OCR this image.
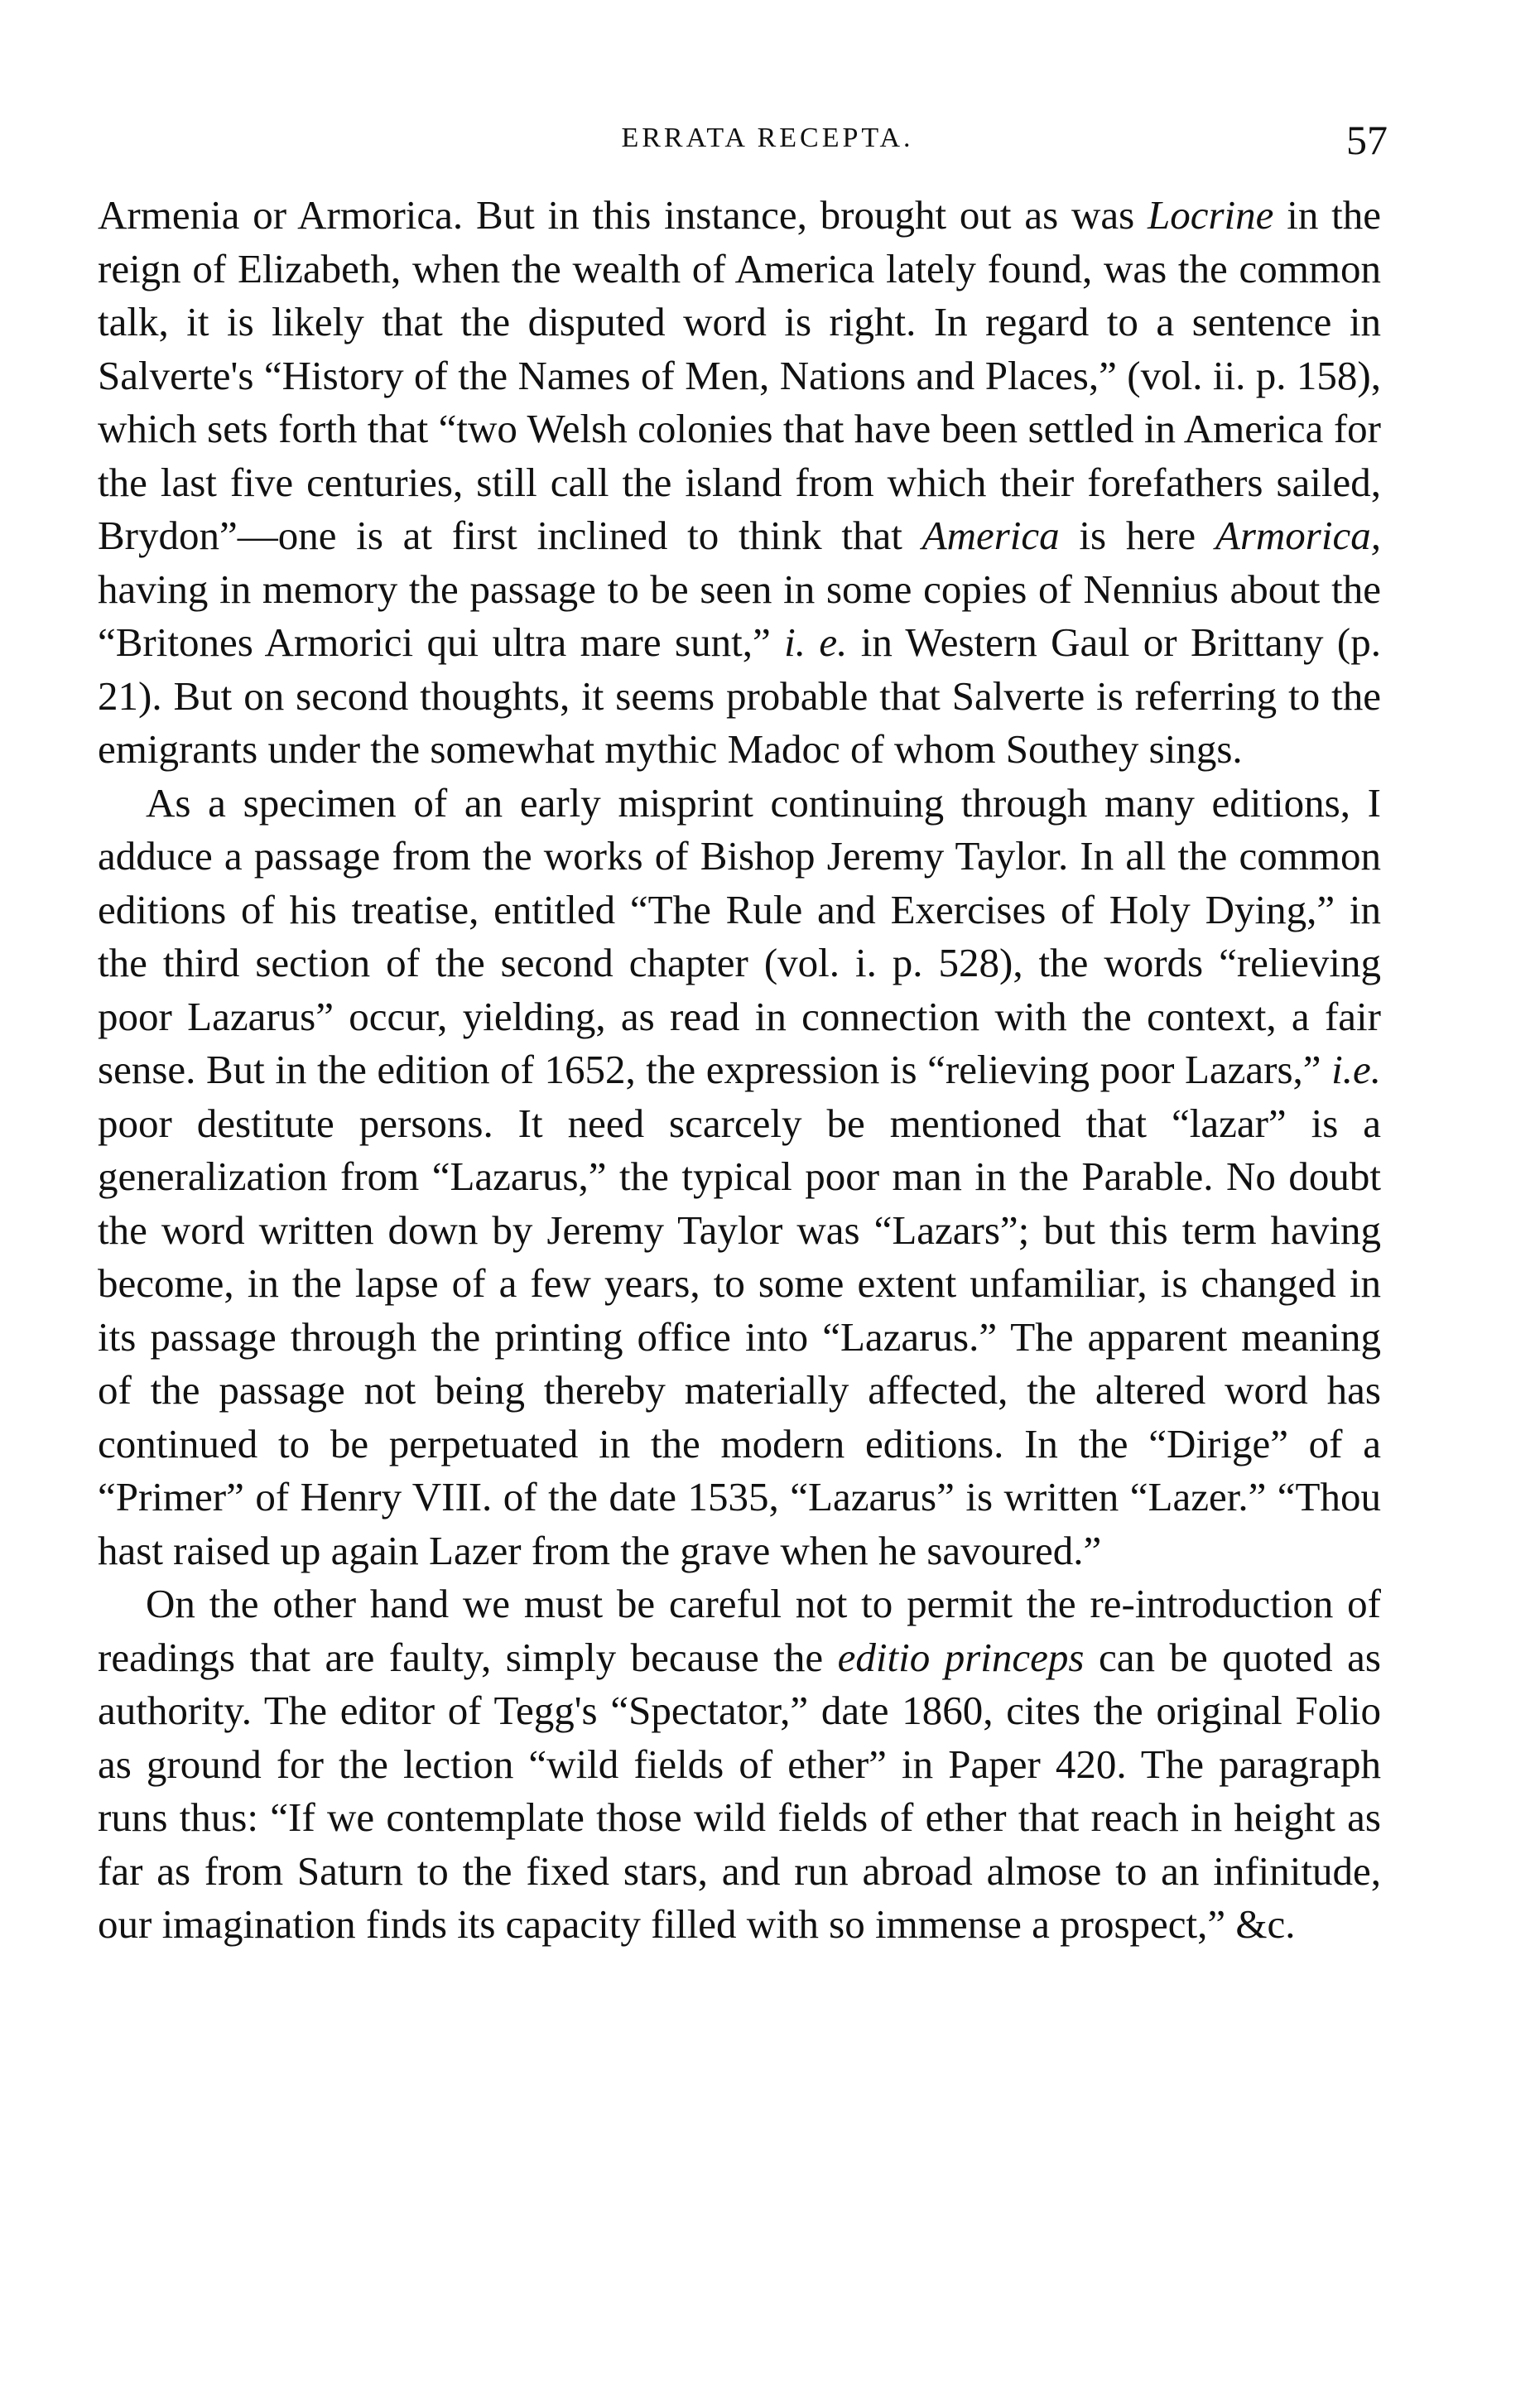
ERRATA RECEPTA.	57

Armenia or Armorica. But in this instance, brought out as was Locrine in the reign of Elizabeth, when the wealth of America lately found, was the common talk, it is likely that the disputed word is right. In regard to a sentence in Salverte's “History of the Names of Men, Nations and Places,” (vol. ii. p. 158), which sets forth that “two Welsh colonies that have been settled in America for the last five centuries, still call the island from which their forefathers sailed, Brydon”—one is at first inclined to think that America is here Armorica, having in memory the passage to be seen in some copies of Nennius about the “Britones Armorici qui ultra mare sunt,” i. e. in Western Gaul or Brittany (p. 21). But on second thoughts, it seems probable that Salverte is referring to the emigrants under the somewhat mythic Madoc of whom Southey sings.

As a specimen of an early misprint continuing through many editions, I adduce a passage from the works of Bishop Jeremy Taylor. In all the common editions of his treatise, entitled “The Rule and Exercises of Holy Dying,” in the third section of the second chapter (vol. i. p. 528), the words “relieving poor Lazarus” occur, yielding, as read in connection with the context, a fair sense. But in the edition of 1652, the expression is “relieving poor Lazars,” i.e. poor destitute persons. It need scarcely be mentioned that “lazar” is a generalization from “Lazarus,” the typical poor man in the Parable. No doubt the word written down by Jeremy Taylor was “Lazars”; but this term having become, in the lapse of a few years, to some extent unfamiliar, is changed in its passage through the printing office into “Lazarus.” The apparent meaning of the passage not being thereby materially affected, the altered word has continued to be perpetuated in the modern editions. In the “Dirige” of a “Primer” of Henry VIII. of the date 1535, “Lazarus” is written “Lazer.” “Thou hast raised up again Lazer from the grave when he savoured.”

On the other hand we must be careful not to permit the re-introduction of readings that are faulty, simply because the editio princeps can be quoted as authority. The editor of Tegg's “Spectator,” date 1860, cites the original Folio as ground for the lection “wild fields of ether” in Paper 420. The paragraph runs thus: “If we contemplate those wild fields of ether that reach in height as far as from Saturn to the fixed stars, and run abroad almose to an infinitude, our imagination finds its capacity filled with so immense a prospect,” &c.
